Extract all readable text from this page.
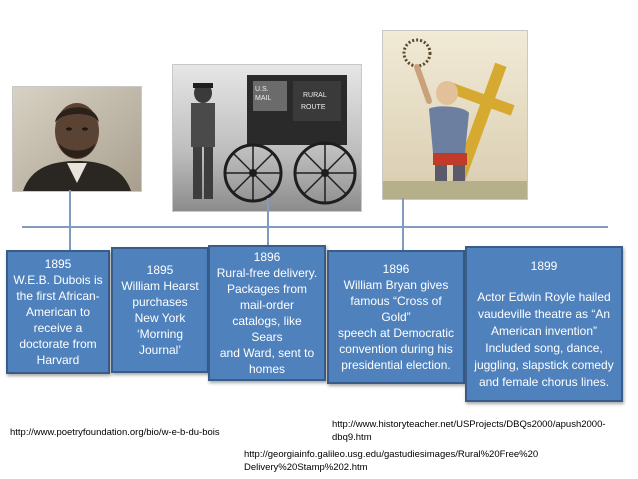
U.S.
MAIL	RURAL
ROUTE
1895
W.E.B. Dubois is
the first African-
American to
receive a
doctorate from
Harvard
1895
William Hearst
purchases
New York
‘Morning
Journal’
1896
Rural-free delivery.
Packages from
mail-order
catalogs, like Sears
and Ward, sent to
homes
1896
William Bryan gives
famous “Cross of Gold”
speech at Democratic
convention during his
presidential election.
1899
Actor Edwin Royle hailed
vaudeville theatre as “An
American invention”
Included song, dance,
juggling, slapstick comedy
and female chorus lines.
http://www.poetryfoundation.org/bio/w-e-b-du-bois
http://www.historyteacher.net/USProjects/DBQs2000/apush2000-
dbq9.htm
http://georgiainfo.galileo.usg.edu/gastudiesimages/Rural%20Free%20
Delivery%20Stamp%202.htm
